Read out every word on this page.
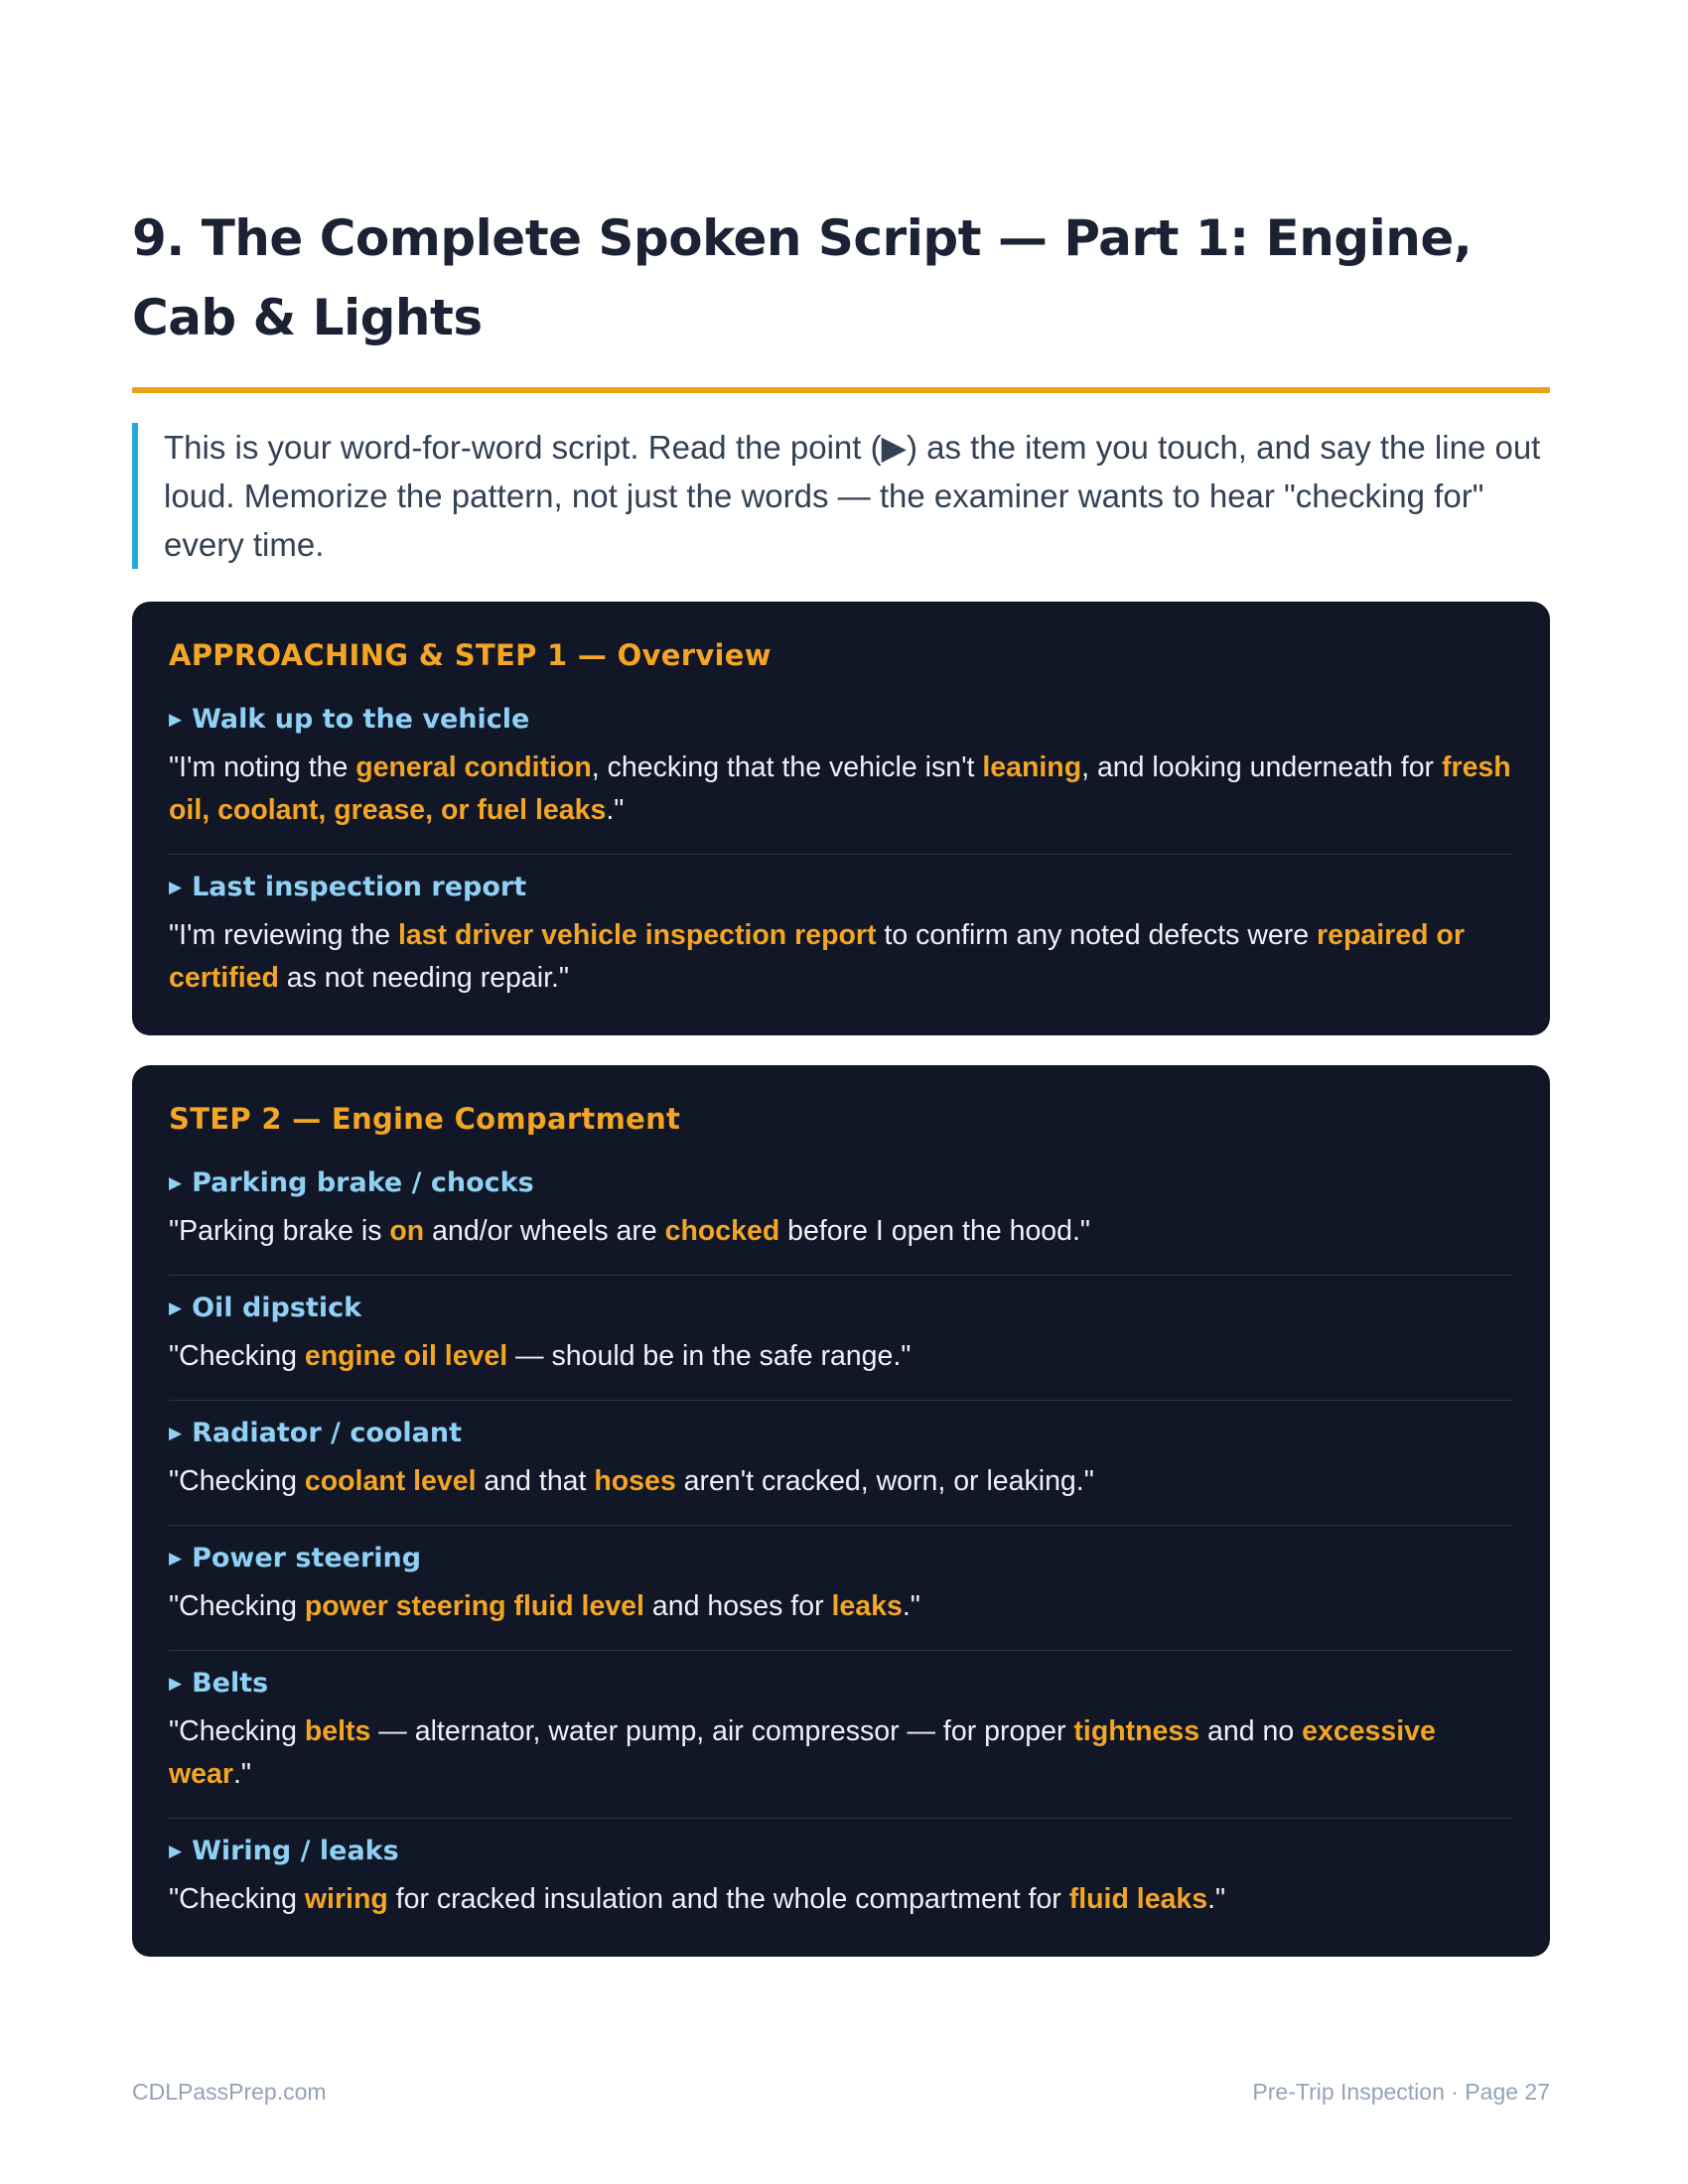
9. The Complete Spoken Script — Part 1: Engine, Cab & Lights
This is your word-for-word script. Read the point (▶) as the item you touch, and say the line out loud. Memorize the pattern, not just the words — the examiner wants to hear "checking for" every time.
APPROACHING & STEP 1 — Overview
▶ Walk up to the vehicle
"I'm noting the general condition, checking that the vehicle isn't leaning, and looking underneath for fresh oil, coolant, grease, or fuel leaks."
▶ Last inspection report
"I'm reviewing the last driver vehicle inspection report to confirm any noted defects were repaired or certified as not needing repair."
STEP 2 — Engine Compartment
▶ Parking brake / chocks
"Parking brake is on and/or wheels are chocked before I open the hood."
▶ Oil dipstick
"Checking engine oil level — should be in the safe range."
▶ Radiator / coolant
"Checking coolant level and that hoses aren't cracked, worn, or leaking."
▶ Power steering
"Checking power steering fluid level and hoses for leaks."
▶ Belts
"Checking belts — alternator, water pump, air compressor — for proper tightness and no excessive wear."
▶ Wiring / leaks
"Checking wiring for cracked insulation and the whole compartment for fluid leaks."
CDLPassPrep.com	Pre-Trip Inspection · Page 27
